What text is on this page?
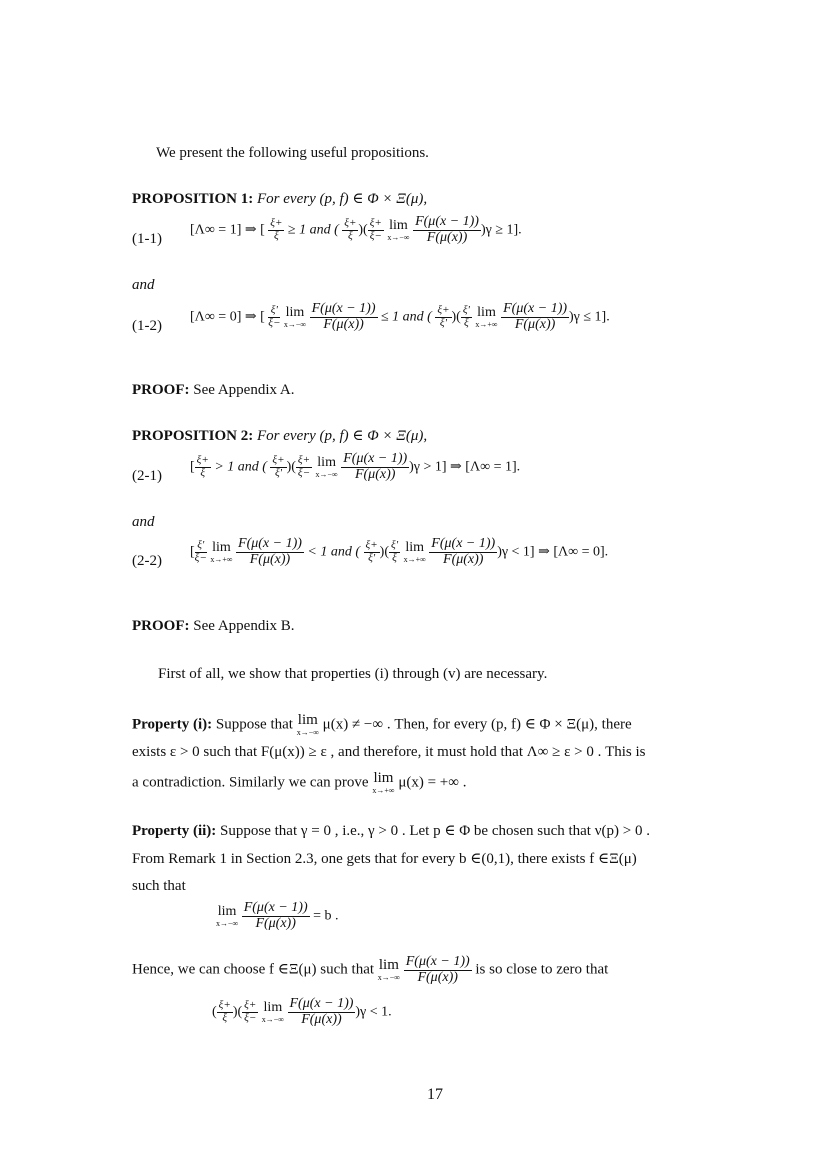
We present the following useful propositions.
PROPOSITION 1: For every (p, f) ∈ Φ × Ξ(μ),
(1-1)
[Λ∞ = 1] ⇒ [ $\frac{\xi+}{\xi} \ge 1$ and ( $\frac{\xi+}{\xi}$ )( $\frac{\xi+}{\xi-}$
lim
x→−∞
$\frac{F(\mu(x - 1))}{F(\mu(x))} )\gamma \ge 1$].
and
(1-2)
[Λ∞ = 0] ⇒ [ $\frac{\xi'}{\xi-}$
lim
x→−∞
$\frac{F(\mu(x - 1))}{F(\mu(x))} \le 1$ and ( $\frac{\xi+}{\xi'}$ )( $\frac{\xi'}{\xi}$
lim
x→+∞
$\frac{F(\mu(x - 1))}{F(\mu(x))} )\gamma \le 1$].
PROOF: See Appendix A.
PROPOSITION 2: For every (p, f) ∈ Φ × Ξ(μ),
(2-1)
[ $\frac{\xi+}{\xi} > 1$ and ( $\frac{\xi+}{\xi'}$ )( $\frac{\xi+}{\xi-}$
lim
x→−∞
$\frac{F(\mu(x - 1))}{F(\mu(x))} )\gamma > 1$] ⇒ [Λ∞ = 1].
and
(2-2)
[ $\frac{\xi'}{\xi-}$
lim
x→+∞
$\frac{F(\mu(x - 1))}{F(\mu(x))} < 1$ and ( $\frac{\xi+}{\xi'}$ )( $\frac{\xi'}{\xi}$
lim
x→+∞
$\frac{F(\mu(x - 1))}{F(\mu(x))} )\gamma < 1$] ⇒ [Λ∞ = 0].
PROOF: See Appendix B.
First of all, we show that properties (i) through (v) are necessary.
Property (i): Suppose that lim
x→−∞
μ(x) ≠ −∞ . Then, for every (p, f) ∈ Φ × Ξ(μ), there
exists ε > 0 such that F(μ(x)) ≥ ε , and therefore, it must hold that Λ∞ ≥ ε > 0 . This is
a contradiction. Similarly we can prove lim
x→+∞
μ(x) = +∞ .
Property (ii): Suppose that γ = 0 , i.e., γ > 0 . Let p ∈ Φ be chosen such that ν(p) > 0 .
From Remark 1 in Section 2.3, one gets that for every b ∈(0,1), there exists f ∈Ξ(μ)
such that
lim
x→−∞
$\frac{F(\mu(x - 1))}{F(\mu(x))} = b$ .
Hence, we can choose f ∈Ξ(μ) such that lim
x→−∞
$\frac{F(\mu(x - 1))}{F(\mu(x))}$ is so close to zero that
( $\frac{\xi+}{\xi}$ )( $\frac{\xi+}{\xi-}$
lim
x→−∞
$\frac{F(\mu(x - 1))}{F(\mu(x))} )\gamma < 1$.
17
